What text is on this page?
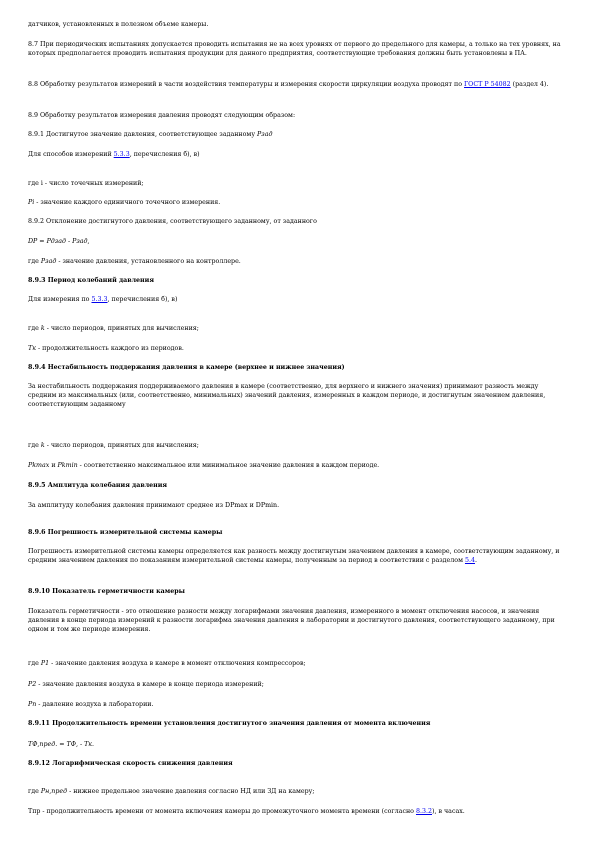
датчиков, установленных в полезном объеме камеры.

8.7 При периодических испытаниях допускается проводить испытания не на всех уровнях от первого до предельного для камеры, а только на тех уровнях, на которых предполагается проводить испытания продукции для данного предприятия, соответствующие требования должны быть установлены в ПА.

8.8 Обработку результатов измерений в части воздействия температуры и измерения скорости циркуляции воздуха проводят по ГОСТ Р 54082 (раздел 4).

8.9 Обработку результатов измерения давления проводят следующим образом:

8.9.1 Достигнутое значение давления, соответствующее заданному Рзад

Для способов измерений 5.3.3, перечисления б), в)

где i - число точечных измерений;

Pi - значение каждого единичного точечного измерения.

8.9.2 Отклонение достигнутого давления, соответствующего заданному, от заданного

DP = Pдзад - Рзад,

где Рзад - значение давления, установленного на контроллере.

8.9.3 Период колебаний давления

Для измерения по 5.3.3, перечисления б), в)

где k - число периодов, принятых для вычисления;

Тк - продолжительность каждого из периодов.

8.9.4 Нестабильность поддержания давления в камере (верхнее и нижнее значения)

За нестабильность поддержания поддерживаемого давления в камере (соответственно, для верхнего и нижнего значения) принимают разность между средним из максимальных (или, соответственно, минимальных) значений давления, измеренных в каждом периоде, и достигнутым значением давления, соответствующим заданному

где k - число периодов, принятых для вычисления;

Pkmax и Pkmin - соответственно максимальное или минимальное значение давления в каждом периоде.

8.9.5 Амплитуда колебания давления

За амплитуду колебания давления принимают среднее из DPmax и DPmin.

8.9.6 Погрешность измерительной системы камеры

Погрешность измерительной системы камеры определяется как разность между достигнутым значением давления в камере, соответствующим заданному, и средним значением давления по показаниям измерительной системы камеры, полученным за период в соответствии с разделом 5.4.

8.9.10 Показатель герметичности камеры

Показатель герметичности - это отношение разности между логарифмами значения давления, измеренного в момент отключения насосов, и значения давления в конце периода измерений к разности логарифма значения давления в лаборатории и достигнутого давления, соответствующего заданному, при одном и том же периоде измерения.

где Р1 - значение давления воздуха в камере в момент отключения компрессоров;

Р2 - значение давления воздуха в камере в конце периода измерений;

Рп - давление воздуха в лаборатории.

8.9.11 Продолжительность времени установления достигнутого значения давления от момента включения

ТФ,пред. = ТФ, - Тк.

8.9.12 Логарифмическая скорость снижения давления

где Рн,пред - нижнее предельное значение давления согласно НД или ЗД на камеру;

Тпр - продолжительность времени от момента включения камеры до промежуточного момента времени (согласно 8.3.2), в часах.
